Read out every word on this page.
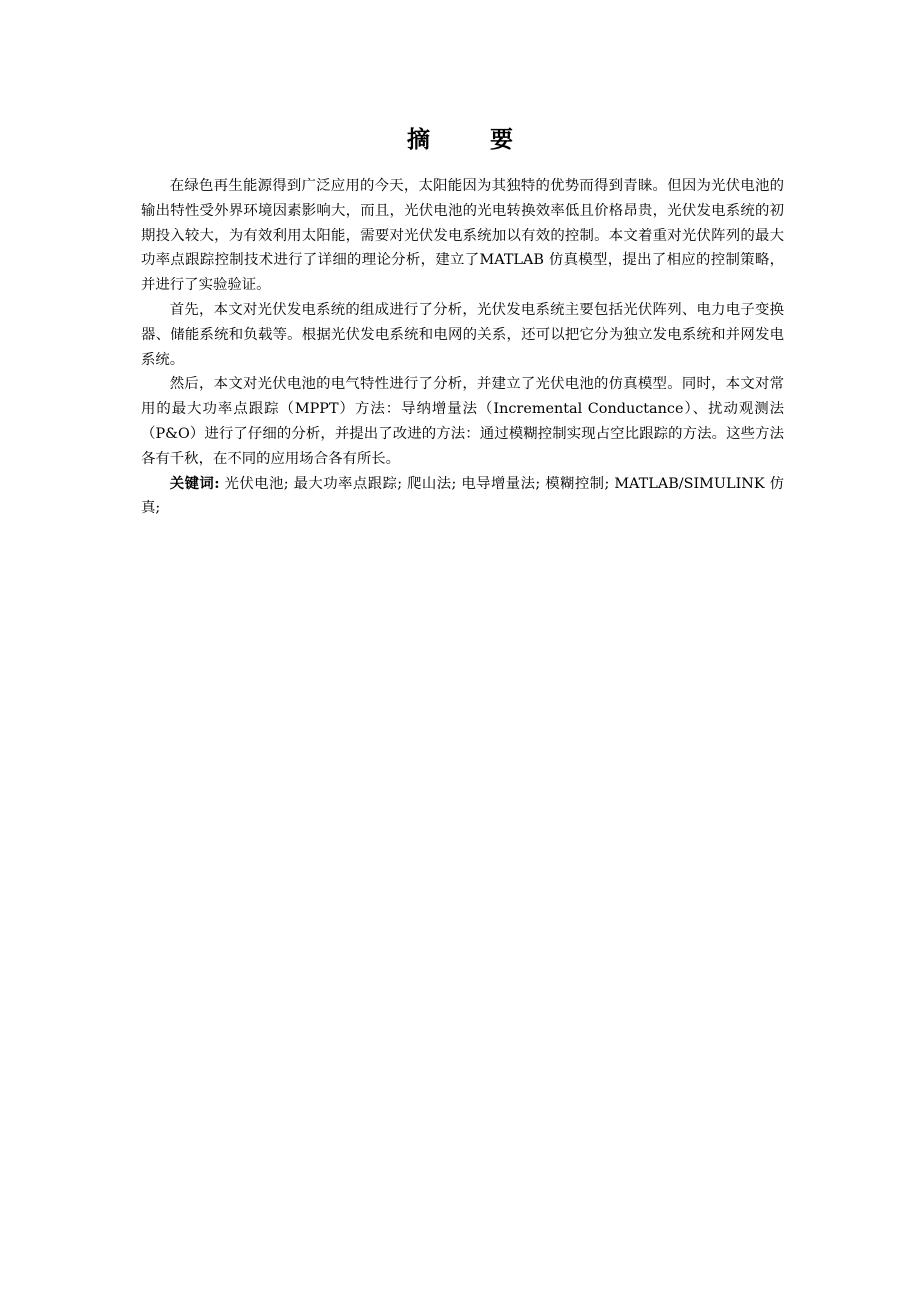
摘 要

在绿色再生能源得到广泛应用的今天，太阳能因为其独特的优势而得到青睐。但因为光伏电池的输出特性受外界环境因素影响大，而且，光伏电池的光电转换效率低且价格昂贵，光伏发电系统的初期投入较大，为有效利用太阳能，需要对光伏发电系统加以有效的控制。本文着重对光伏阵列的最大功率点跟踪控制技术进行了详细的理论分析，建立了MATLAB 仿真模型，提出了相应的控制策略，并进行了实验验证。

首先，本文对光伏发电系统的组成进行了分析，光伏发电系统主要包括光伏阵列、电力电子变换器、储能系统和负载等。根据光伏发电系统和电网的关系，还可以把它分为独立发电系统和并网发电系统。

然后，本文对光伏电池的电气特性进行了分析，并建立了光伏电池的仿真模型。同时，本文对常用的最大功率点跟踪（MPPT）方法：导纳增量法（Incremental Conductance）、扰动观测法（P&O）进行了仔细的分析，并提出了改进的方法：通过模糊控制实现占空比跟踪的方法。这些方法各有千秋，在不同的应用场合各有所长。

关键词: 光伏电池; 最大功率点跟踪; 爬山法; 电导增量法; 模糊控制; MATLAB/SIMULINK 仿真;
